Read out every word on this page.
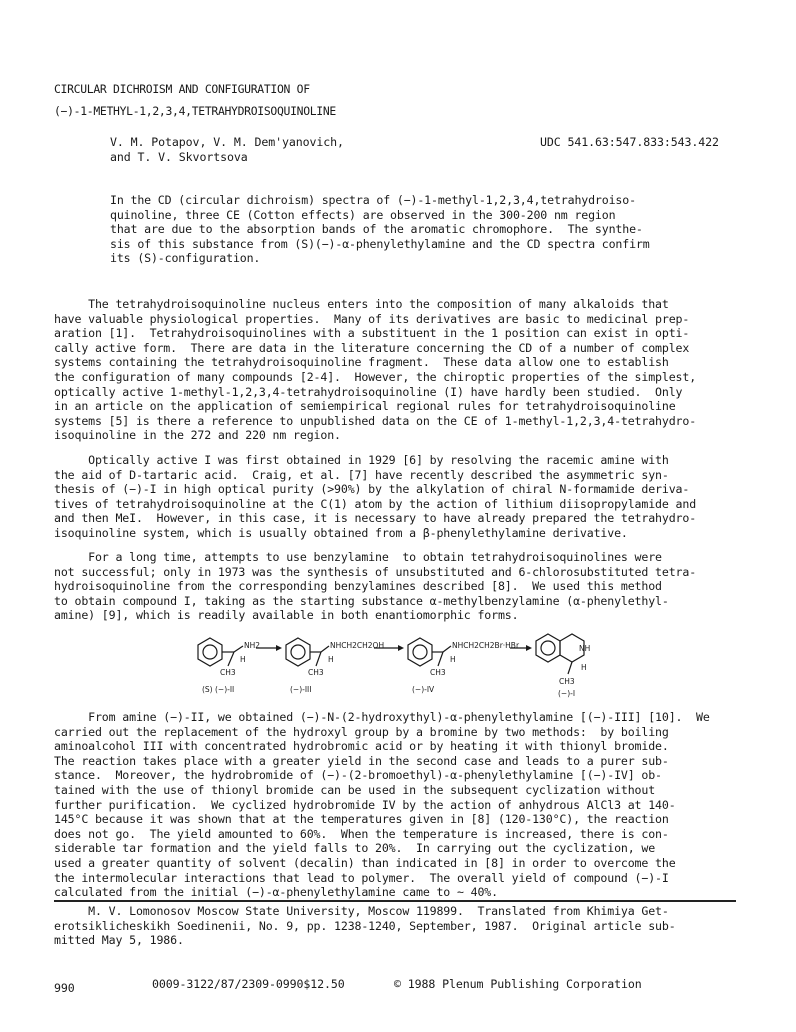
CIRCULAR DICHROISM AND CONFIGURATION OF
(−)-1-METHYL-1,2,3,4,TETRAHYDROISOQUINOLINE
V. M. Potapov, V. M. Dem'yanovich,
and T. V. Skvortsova
UDC 541.63:547.833:543.422
In the CD (circular dichroism) spectra of (−)-1-methyl-1,2,3,4,tetrahydroiso-
quinoline, three CE (Cotton effects) are observed in the 300-200 nm region
that are due to the absorption bands of the aromatic chromophore.  The synthe-
sis of this substance from (S)(−)-α-phenylethylamine and the CD spectra confirm
its (S)-configuration.
The tetrahydroisoquinoline nucleus enters into the composition of many alkaloids that
have valuable physiological properties.  Many of its derivatives are basic to medicinal prep-
aration [1].  Tetrahydroisoquinolines with a substituent in the 1 position can exist in opti-
cally active form.  There are data in the literature concerning the CD of a number of complex
systems containing the tetrahydroisoquinoline fragment.  These data allow one to establish
the configuration of many compounds [2-4].  However, the chiroptic properties of the simplest,
optically active 1-methyl-1,2,3,4-tetrahydroisoquinoline (I) have hardly been studied.  Only
in an article on the application of semiempirical regional rules for tetrahydroisoquinoline
systems [5] is there a reference to unpublished data on the CE of 1-methyl-1,2,3,4-tetrahydro-
isoquinoline in the 272 and 220 nm region.
Optically active I was first obtained in 1929 [6] by resolving the racemic amine with
the aid of D-tartaric acid.  Craig, et al. [7] have recently described the asymmetric syn-
thesis of (−)-I in high optical purity (>90%) by the alkylation of chiral N-formamide deriva-
tives of tetrahydroisoquinoline at the C(1) atom by the action of lithium diisopropylamide and
and then MeI.  However, in this case, it is necessary to have already prepared the tetrahydro-
isoquinoline system, which is usually obtained from a β-phenylethylamine derivative.
For a long time, attempts to use benzylamine  to obtain tetrahydroisoquinolines were
not successful; only in 1973 was the synthesis of unsubstituted and 6-chlorosubstituted tetra-
hydroisoquinoline from the corresponding benzylamines described [8].  We used this method
to obtain compound I, taking as the starting substance α-methylbenzylamine (α-phenylethyl-
amine) [9], which is readily available in both enantiomorphic forms.
NH2
H
CH3
NHCH2CH2OH
H
CH3
NHCH2CH2Br·HBr
H
CH3
NH
H
CH3
(S) (−)-II	(−)-III	(−)-IV	(−)-I
From amine (−)-II, we obtained (−)-N-(2-hydroxythyl)-α-phenylethylamine [(−)-III] [10].  We
carried out the replacement of the hydroxyl group by a bromine by two methods:  by boiling
aminoalcohol III with concentrated hydrobromic acid or by heating it with thionyl bromide.
The reaction takes place with a greater yield in the second case and leads to a purer sub-
stance.  Moreover, the hydrobromide of (−)-(2-bromoethyl)-α-phenylethylamine [(−)-IV] ob-
tained with the use of thionyl bromide can be used in the subsequent cyclization without
further purification.  We cyclized hydrobromide IV by the action of anhydrous AlCl3 at 140-
145°C because it was shown that at the temperatures given in [8] (120-130°C), the reaction
does not go.  The yield amounted to 60%.  When the temperature is increased, there is con-
siderable tar formation and the yield falls to 20%.  In carrying out the cyclization, we
used a greater quantity of solvent (decalin) than indicated in [8] in order to overcome the
the intermolecular interactions that lead to polymer.  The overall yield of compound (−)-I
calculated from the initial (−)-α-phenylethylamine came to ~ 40%.
M. V. Lomonosov Moscow State University, Moscow 119899.  Translated from Khimiya Get-
erotsiklicheskikh Soedinenii, No. 9, pp. 1238-1240, September, 1987.  Original article sub-
mitted May 5, 1986.
990	0009-3122/87/2309-0990$12.50	© 1988 Plenum Publishing Corporation
